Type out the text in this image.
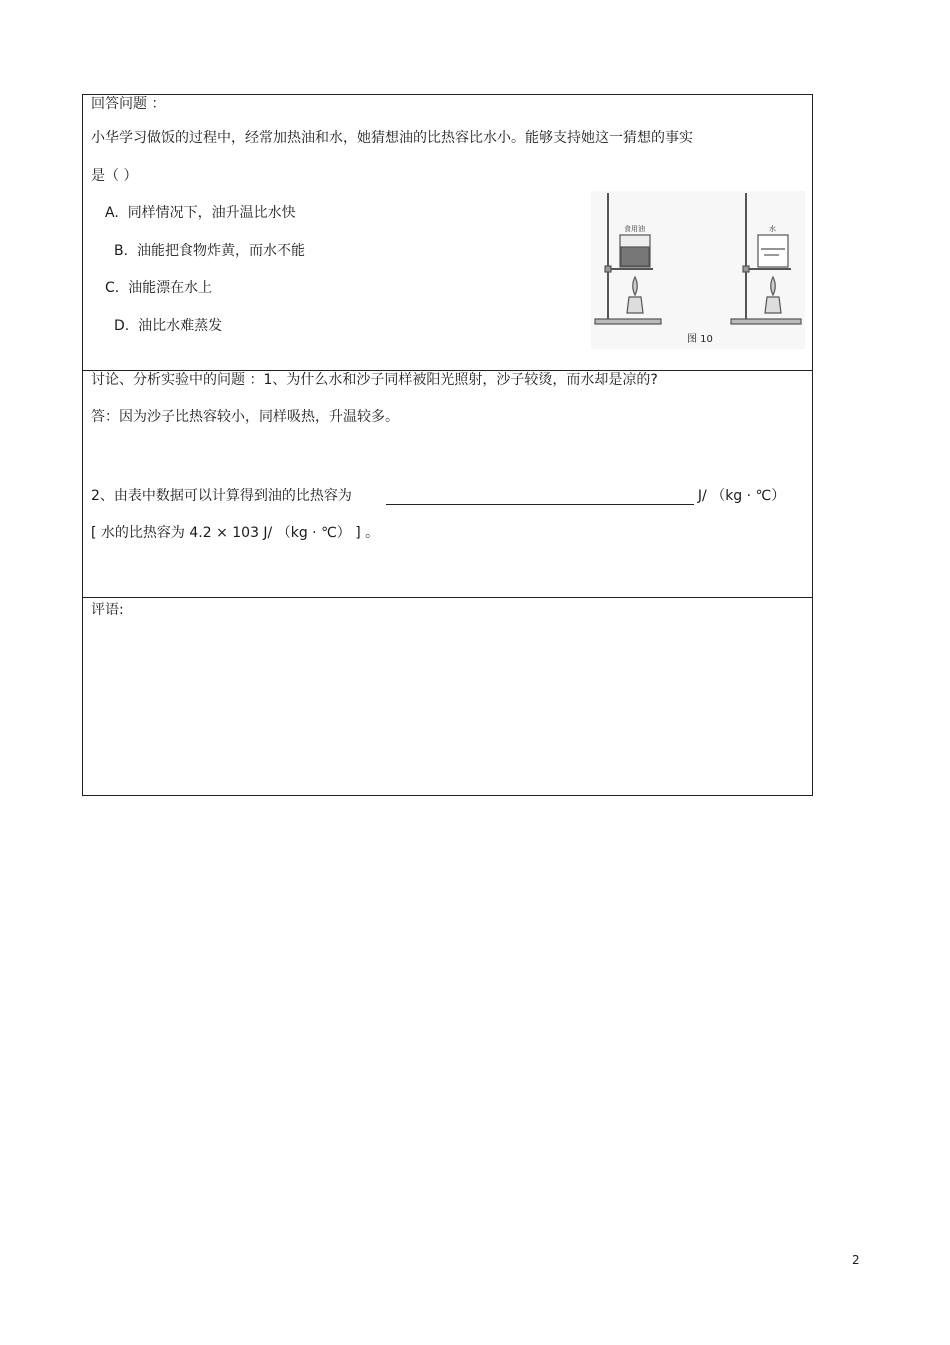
回答问题 ：
小华学习做饭的过程中，经常加热油和水，她猜想油的比热容比水小。能够支持她这一猜想的事实
是（ ）
A. 同样情况下，油升温比水快
B. 油能把食物炸黄，而水不能
C. 油能漂在水上
D. 油比水难蒸发
食用油	水
图 10
讨论、分析实验中的问题 ：1、为什么水和沙子同样被阳光照射，沙子较烫，而水却是凉的?
答：因为沙子比热容较小，同样吸热，升温较多。
2、由表中数据可以计算得到油的比热容为	J/ （kg · ℃）
[ 水的比热容为 4.2 × 103 J/ （kg · ℃） ] 。
评语:
2
